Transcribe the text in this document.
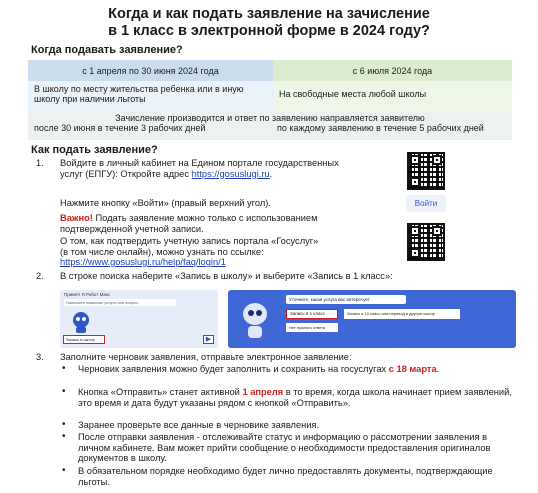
Когда и как подать заявление на зачисление
в 1 класс в электронной форме в 2024 году?
Когда подавать заявление?
с 1 апреля по 30 июня 2024 года	с 6 июля 2024 года
В школу по месту жительства ребенка или в иную школу при наличии льготы	На свободные места любой школы
Зачисление производится и ответ по заявлению направляется заявителю
после 30 июня в течение 3 рабочих дней	по каждому заявлению в течение 5 рабочих дней
Как подать заявление?
1. Войдите в личный кабинет на Едином портале государственных услуг (ЕПГУ): Откройте адрес https://gosuslugi.ru.
Нажмите кнопку «Войти» (правый верхний угол).
Важно! Подать заявление можно только с использованием подтвержденной учетной записи.
О том, как подтвердить учетную запись портала «Госуслуг» (в том числе онлайн), можно узнать по ссылке:
https://www.gosuslugi.ru/help/faq/login/1
Войти
2. В строке поиска наберите «Запись в школу» и выберите «Запись в 1 класс»:
Привет! Я Робот Макс
Напишите название услуги или вопрос
Запись в школу	▶
Уточните, какая услуга вас интересует
Запись в 1 класс	Запись в 10 класс или перевод в другую школу
Нет нужного ответа
3. Заполните черновик заявления, отправьте электронное заявление:
• Черновик заявления можно будет заполнить и сохранить на госуслугах с 18 марта.
• Кнопка «Отправить» станет активной 1 апреля в то время, когда школа начинает прием заявлений, это время и дата будут указаны рядом с кнопкой «Отправить».
• Заранее проверьте все данные в черновике заявления.
• После отправки заявления - отслеживайте статус и информацию о рассмотрении заявления в личном кабинете. Вам может прийти сообщение о необходимости предоставления оригиналов документов в школу.
• В обязательном порядке необходимо будет лично предоставлять документы, подтверждающие льготы.
